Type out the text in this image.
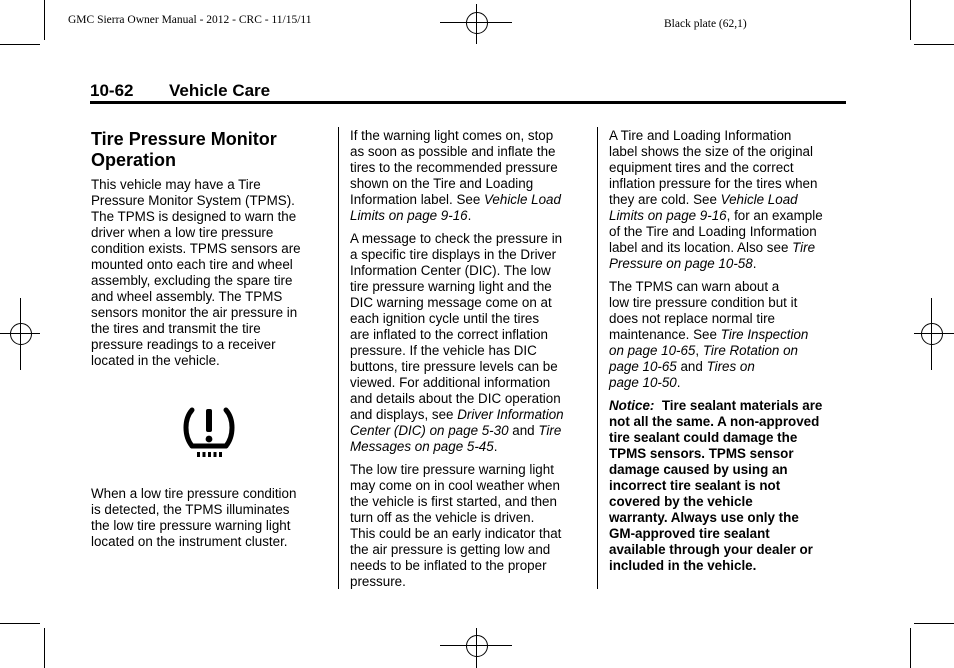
GMC Sierra Owner Manual - 2012 - CRC - 11/15/11	Black plate (62,1)
10-62 Vehicle Care
Tire Pressure Monitor
Operation

This vehicle may have a Tire
Pressure Monitor System (TPMS).
The TPMS is designed to warn the
driver when a low tire pressure
condition exists. TPMS sensors are
mounted onto each tire and wheel
assembly, excluding the spare tire
and wheel assembly. The TPMS
sensors monitor the air pressure in
the tires and transmit the tire
pressure readings to a receiver
located in the vehicle.

When a low tire pressure condition
is detected, the TPMS illuminates
the low tire pressure warning light
located on the instrument cluster.

If the warning light comes on, stop
as soon as possible and inflate the
tires to the recommended pressure
shown on the Tire and Loading
Information label. See Vehicle Load
Limits on page 9-16.

A message to check the pressure in
a specific tire displays in the Driver
Information Center (DIC). The low
tire pressure warning light and the
DIC warning message come on at
each ignition cycle until the tires
are inflated to the correct inflation
pressure. If the vehicle has DIC
buttons, tire pressure levels can be
viewed. For additional information
and details about the DIC operation
and displays, see Driver Information
Center (DIC) on page 5-30 and Tire
Messages on page 5-45.

The low tire pressure warning light
may come on in cool weather when
the vehicle is first started, and then
turn off as the vehicle is driven.
This could be an early indicator that
the air pressure is getting low and
needs to be inflated to the proper
pressure.

A Tire and Loading Information
label shows the size of the original
equipment tires and the correct
inflation pressure for the tires when
they are cold. See Vehicle Load
Limits on page 9-16, for an example
of the Tire and Loading Information
label and its location. Also see Tire
Pressure on page 10-58.

The TPMS can warn about a
low tire pressure condition but it
does not replace normal tire
maintenance. See Tire Inspection
on page 10-65, Tire Rotation on
page 10-65 and Tires on
page 10-50.

Notice: Tire sealant materials are
not all the same. A non-approved
tire sealant could damage the
TPMS sensors. TPMS sensor
damage caused by using an
incorrect tire sealant is not
covered by the vehicle
warranty. Always use only the
GM-approved tire sealant
available through your dealer or
included in the vehicle.
